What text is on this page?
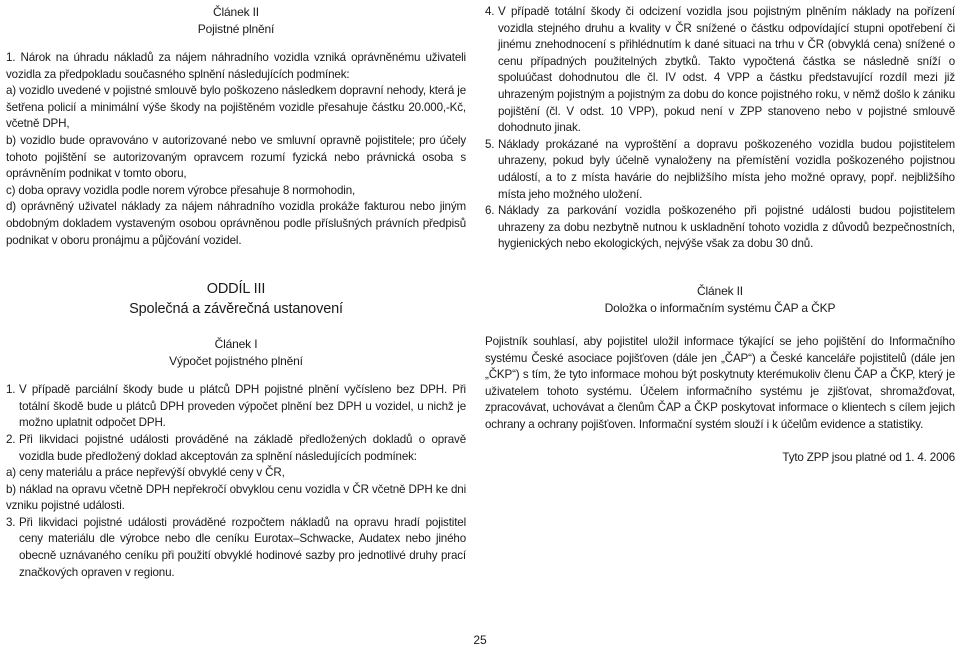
Článek II

Pojistné plnění

1. Nárok na úhradu nákladů za nájem náhradního vozidla vzniká oprávněnému uživateli vozidla za předpokladu současného splnění následujících podmínek:

a) vozidlo uvedené v pojistné smlouvě bylo poškozeno následkem dopravní nehody, která je šetřena policií a minimální výše škody na pojištěném vozidle přesahuje částku 20.000,-Kč, včetně DPH,

b) vozidlo bude opravováno v autorizované nebo ve smluvní opravně pojistitele; pro účely tohoto pojištění se autorizovaným opravcem rozumí fyzická nebo právnická osoba s oprávněním podnikat v tomto oboru,

c) doba opravy vozidla podle norem výrobce přesahuje 8 normohodin,

d) oprávněný uživatel náklady za nájem náhradního vozidla prokáže fakturou nebo jiným obdobným dokladem vystaveným osobou oprávněnou podle příslušných právních předpisů podnikat v oboru pronájmu a půjčování vozidel.

ODDÍL III

Společná a závěrečná ustanovení

Článek I

Výpočet pojistného plnění

1. V případě parciální škody bude u plátců DPH pojistné plnění vyčísleno bez DPH. Při totální škodě bude u plátců DPH proveden výpočet plnění bez DPH u vozidel, u nichž je možno uplatnit odpočet DPH.
2. Při likvidaci pojistné události prováděné na základě předložených dokladů o opravě vozidla bude předložený doklad akceptován za splnění následujících podmínek:

a) ceny materiálu a práce nepřevýší obvyklé ceny v ČR,

b) náklad na opravu včetně DPH nepřekročí obvyklou cenu vozidla v ČR včetně DPH ke dni vzniku pojistné události.

3. Při likvidaci pojistné události prováděné rozpočtem nákladů na opravu hradí pojistitel ceny materiálu dle výrobce nebo dle ceníku Eurotax–Schwacke, Audatex nebo jiného obecně uznávaného ceníku při použití obvyklé hodinové sazby pro jednotlivé druhy prací značkových opraven v regionu.
4. V případě totální škody či odcizení vozidla jsou pojistným plněním náklady na pořízení vozidla stejného druhu a kvality v ČR snížené o částku odpovídající stupni opotřebení či jinému znehodnocení s přihlédnutím k dané situaci na trhu v ČR (obvyklá cena) snížené o cenu případných použitelných zbytků. Takto vypočtená částka se následně sníží o spoluúčast dohodnutou dle čl. IV odst. 4 VPP a částku představující rozdíl mezi již uhrazeným pojistným a pojistným za dobu do konce pojistného roku, v němž došlo k zániku pojištění (čl. V odst. 10 VPP), pokud není v ZPP stanoveno nebo v pojistné smlouvě dohodnuto jinak.
5. Náklady prokázané na vyproštění a dopravu poškozeného vozidla budou pojistitelem uhrazeny, pokud byly účelně vynaloženy na přemístění vozidla poškozeného pojistnou událostí, a to z místa havárie do nejbližšího místa jeho možné opravy, popř. nejbližšího místa jeho možného uložení.
6. Náklady za parkování vozidla poškozeného při pojistné události budou pojistitelem uhrazeny za dobu nezbytně nutnou k uskladnění tohoto vozidla z důvodů bezpečnostních, hygienických nebo ekologických, nejvýše však za dobu 30 dnů.

Článek II

Doložka o informačním systému ČAP a ČKP

Pojistník souhlasí, aby pojistitel uložil informace týkající se jeho pojištění do Informačního systému České asociace pojišťoven (dále jen „ČAP“) a České kanceláře pojistitelů (dále jen „ČKP“) s tím, že tyto informace mohou být poskytnuty kterémukoliv členu ČAP a ČKP, který je uživatelem tohoto systému. Účelem informačního systému je zjišťovat, shromažďovat, zpracovávat, uchovávat a členům ČAP a ČKP poskytovat informace o klientech s cílem jejich ochrany a ochrany pojišťoven. Informační systém slouží i k účelům evidence a statistiky.

Tyto ZPP jsou platné od 1. 4. 2006

25
